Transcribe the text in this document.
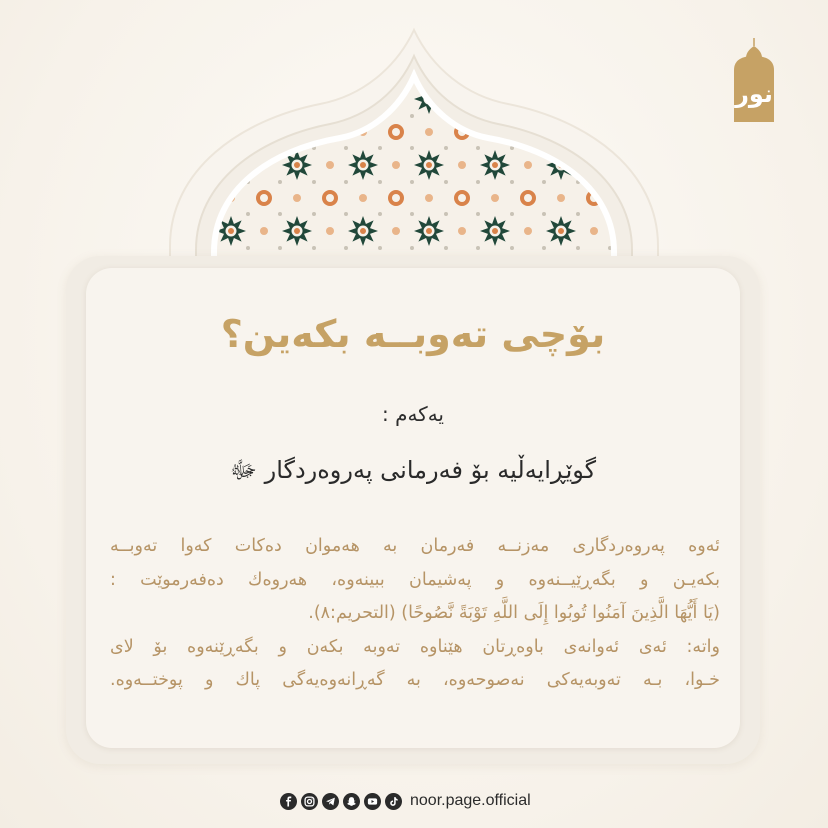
نور
بۆچی تەوبــە بکەین؟
یەکەم :
گوێڕایەڵیە بۆ فەرمانی پەروەردگار ﷻ
ئەوە پەروەردگاری مەزنــە فەرمان بە هەموان دەكات كەوا تەوبــە
بكەیـن و بگەڕێیــنەوە و پەشیمان ببینەوە، هەروەك دەفەرموێت :
(يَا أَيُّهَا الَّذِينَ آمَنُوا تُوبُوا إِلَى اللَّهِ تَوْبَةً نَّصُوحًا) (التحريم:٨).
واتە: ئەی ئەوانەی باوەڕتان هێناوە تەوبە بكەن و بگەڕێنەوە بۆ لای
خـوا، بـە تەوبەیەكی نەصوحەوە، بە گەڕانەوەیەگی پاك و پوختــەوە.
noor.page.official
